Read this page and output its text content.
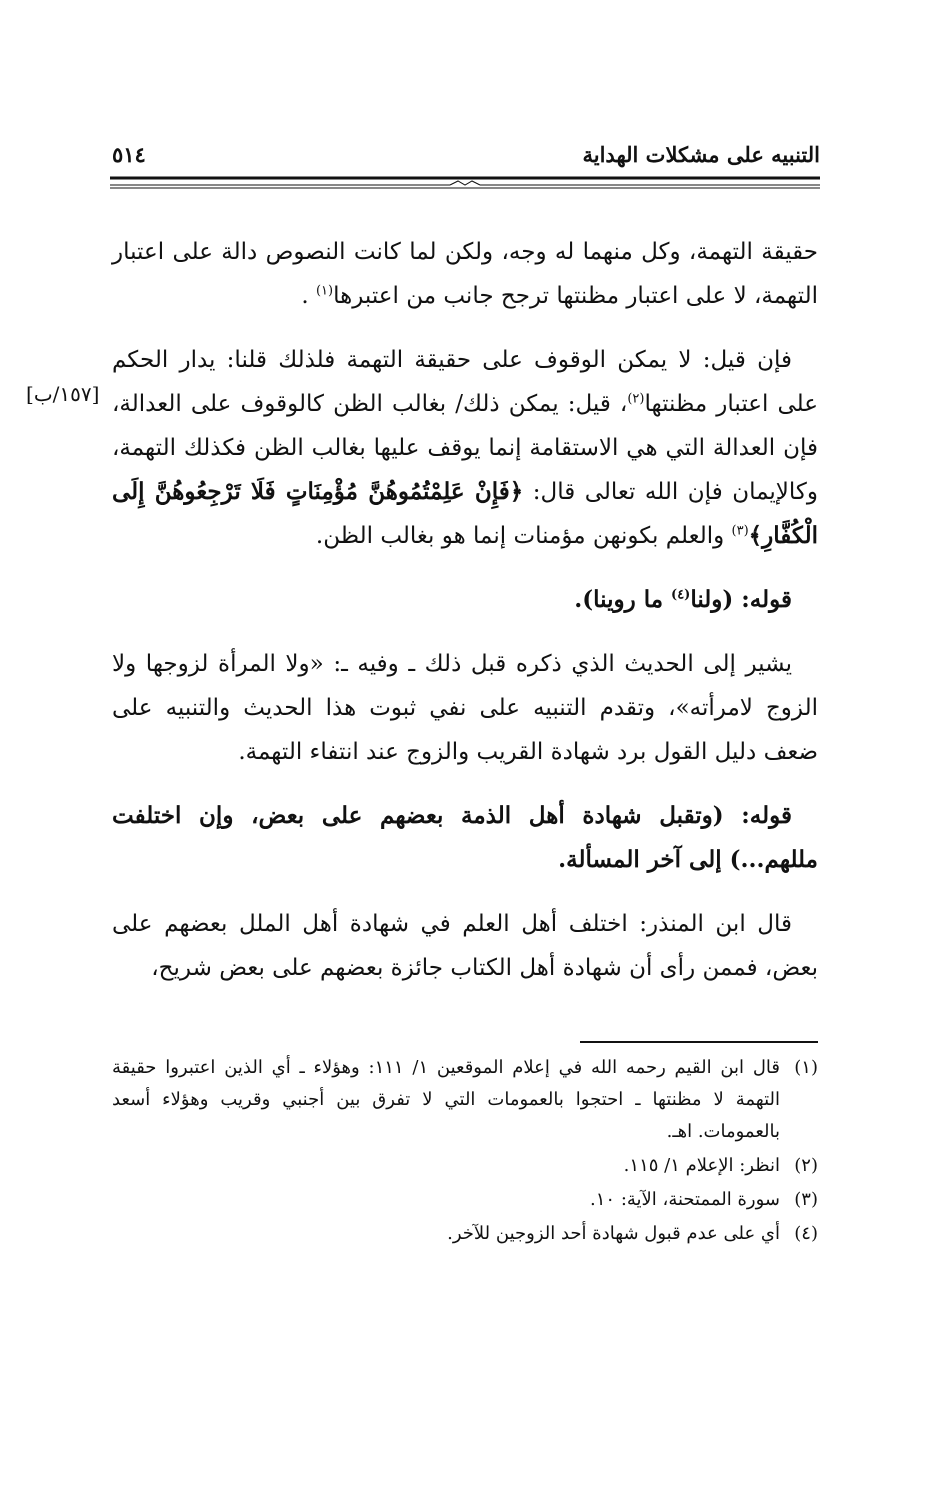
التنبيه على مشكلات الهداية
٥١٤
[١٥٧/ب]

حقيقة التهمة، وكل منهما له وجه، ولكن لما كانت النصوص دالة على اعتبار التهمة، لا على اعتبار مظنتها ترجح جانب من اعتبرها$^{(١)}$ .

فإن قيل: لا يمكن الوقوف على حقيقة التهمة فلذلك قلنا: يدار الحكم على اعتبار مظنتها$^{(٢)}$، قيل: يمكن ذلك/ بغالب الظن كالوقوف على العدالة، فإن العدالة التي هي الاستقامة إنما يوقف عليها بغالب الظن فكذلك التهمة، وكالإيمان فإن الله تعالى قال: ﴿فَإِنْ عَلِمْتُمُوهُنَّ مُؤْمِنَاتٍ فَلَا تَرْجِعُوهُنَّ إِلَى الْكُفَّارِ﴾$^{(٣)}$ والعلم بكونهن مؤمنات إنما هو بغالب الظن.

قوله: (ولنا$^{(٤)}$ ما روينا).

يشير إلى الحديث الذي ذكره قبل ذلك ـ وفيه ـ: «ولا المرأة لزوجها ولا الزوج لامرأته»، وتقدم التنبيه على نفي ثبوت هذا الحديث والتنبيه على ضعف دليل القول برد شهادة القريب والزوج عند انتفاء التهمة.

قوله: (وتقبل شهادة أهل الذمة بعضهم على بعض، وإن اختلفت مللهم...) إلى آخر المسألة.

قال ابن المنذر: اختلف أهل العلم في شهادة أهل الملل بعضهم على بعض، فممن رأى أن شهادة أهل الكتاب جائزة بعضهم على بعض شريح،

(١)
قال ابن القيم رحمه الله في إعلام الموقعين ١/ ١١١: وهؤلاء ـ أي الذين اعتبروا حقيقة التهمة لا مظنتها ـ احتجوا بالعمومات التي لا تفرق بين أجنبي وقريب وهؤلاء أسعد بالعمومات. اهـ.
(٢)
انظر: الإعلام ١/ ١١٥.
(٣)
سورة الممتحنة، الآية: ١٠.
(٤)
أي على عدم قبول شهادة أحد الزوجين للآخر.
